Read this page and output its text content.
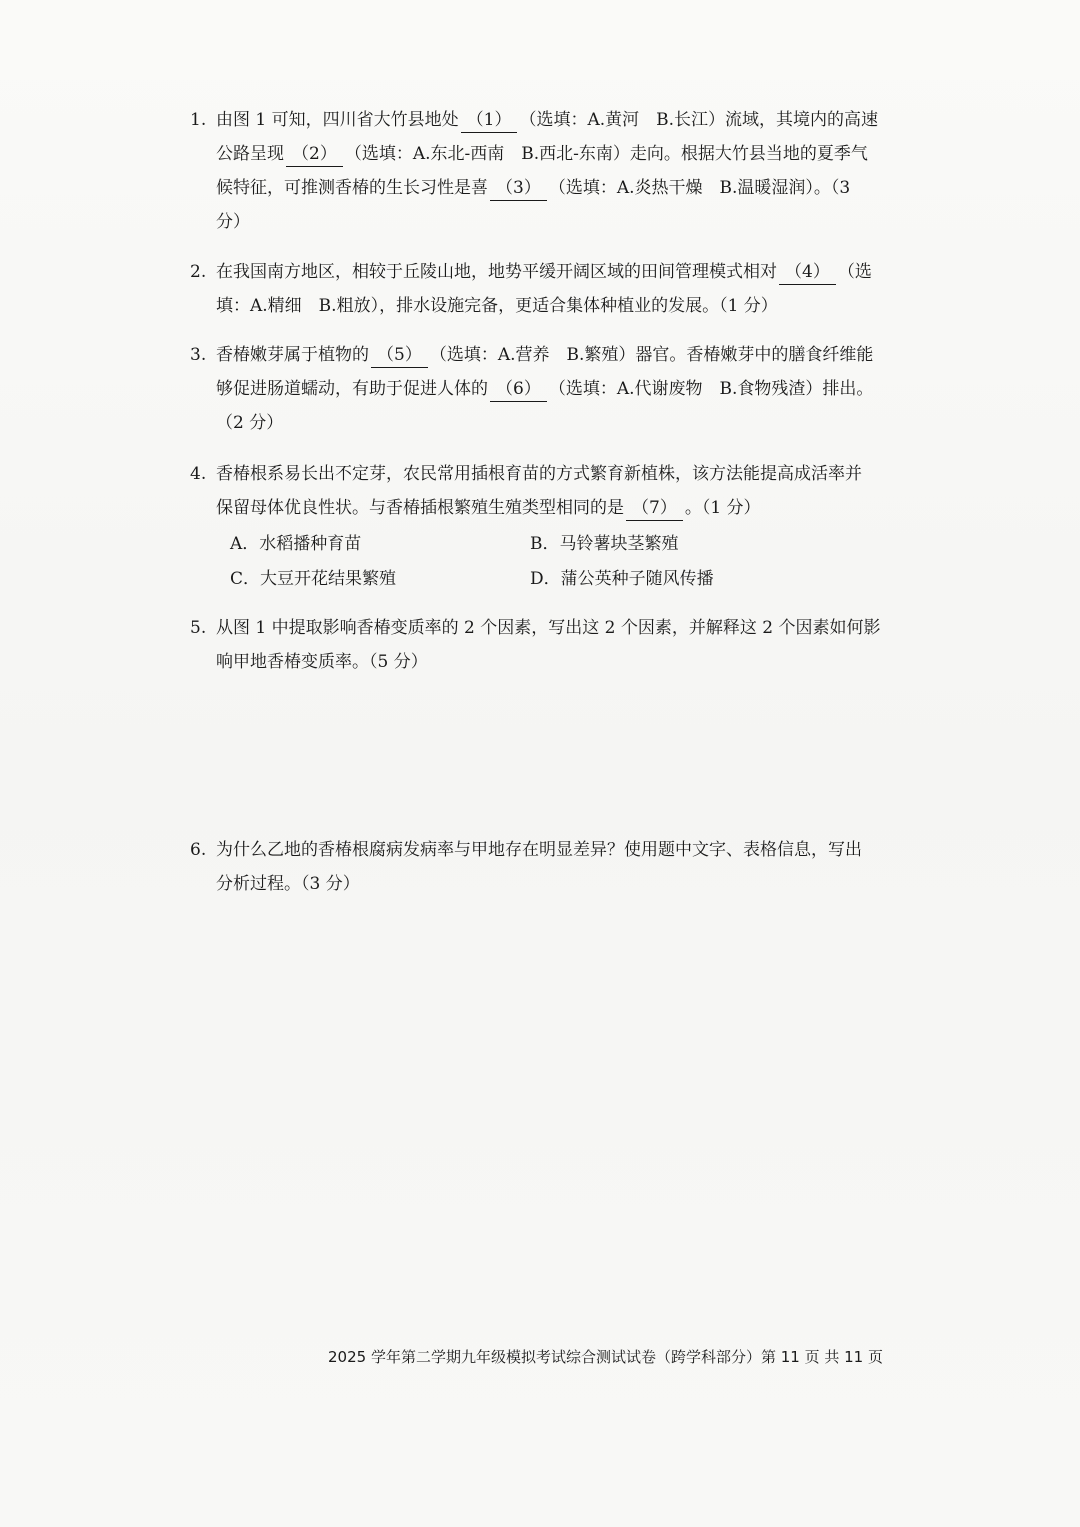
1. 由图 1 可知，四川省大竹县地处 （1） （选填：A.黄河　B.长江）流域，其境内的高速
公路呈现 （2） （选填：A.东北-西南　B.西北-东南）走向。根据大竹县当地的夏季气
候特征，可推测香椿的生长习性是喜 （3） （选填：A.炎热干燥　B.温暖湿润）。（3
分）
2. 在我国南方地区，相较于丘陵山地，地势平缓开阔区域的田间管理模式相对 （4） （选
填：A.精细　B.粗放），排水设施完备，更适合集体种植业的发展。（1 分）
3. 香椿嫩芽属于植物的 （5） （选填：A.营养　B.繁殖）器官。香椿嫩芽中的膳食纤维能
够促进肠道蠕动，有助于促进人体的 （6） （选填：A.代谢废物　B.食物残渣）排出。
（2 分）
4. 香椿根系易长出不定芽，农民常用插根育苗的方式繁育新植株，该方法能提高成活率并
保留母体优良性状。与香椿插根繁殖生殖类型相同的是 （7） 。（1 分）
A．水稻播种育苗	B．马铃薯块茎繁殖
C．大豆开花结果繁殖	D．蒲公英种子随风传播
5. 从图 1 中提取影响香椿变质率的 2 个因素，写出这 2 个因素，并解释这 2 个因素如何影
响甲地香椿变质率。（5 分）
6. 为什么乙地的香椿根腐病发病率与甲地存在明显差异？使用题中文字、表格信息，写出
分析过程。（3 分）
2025 学年第二学期九年级模拟考试综合测试试卷（跨学科部分）第 11 页 共 11 页
